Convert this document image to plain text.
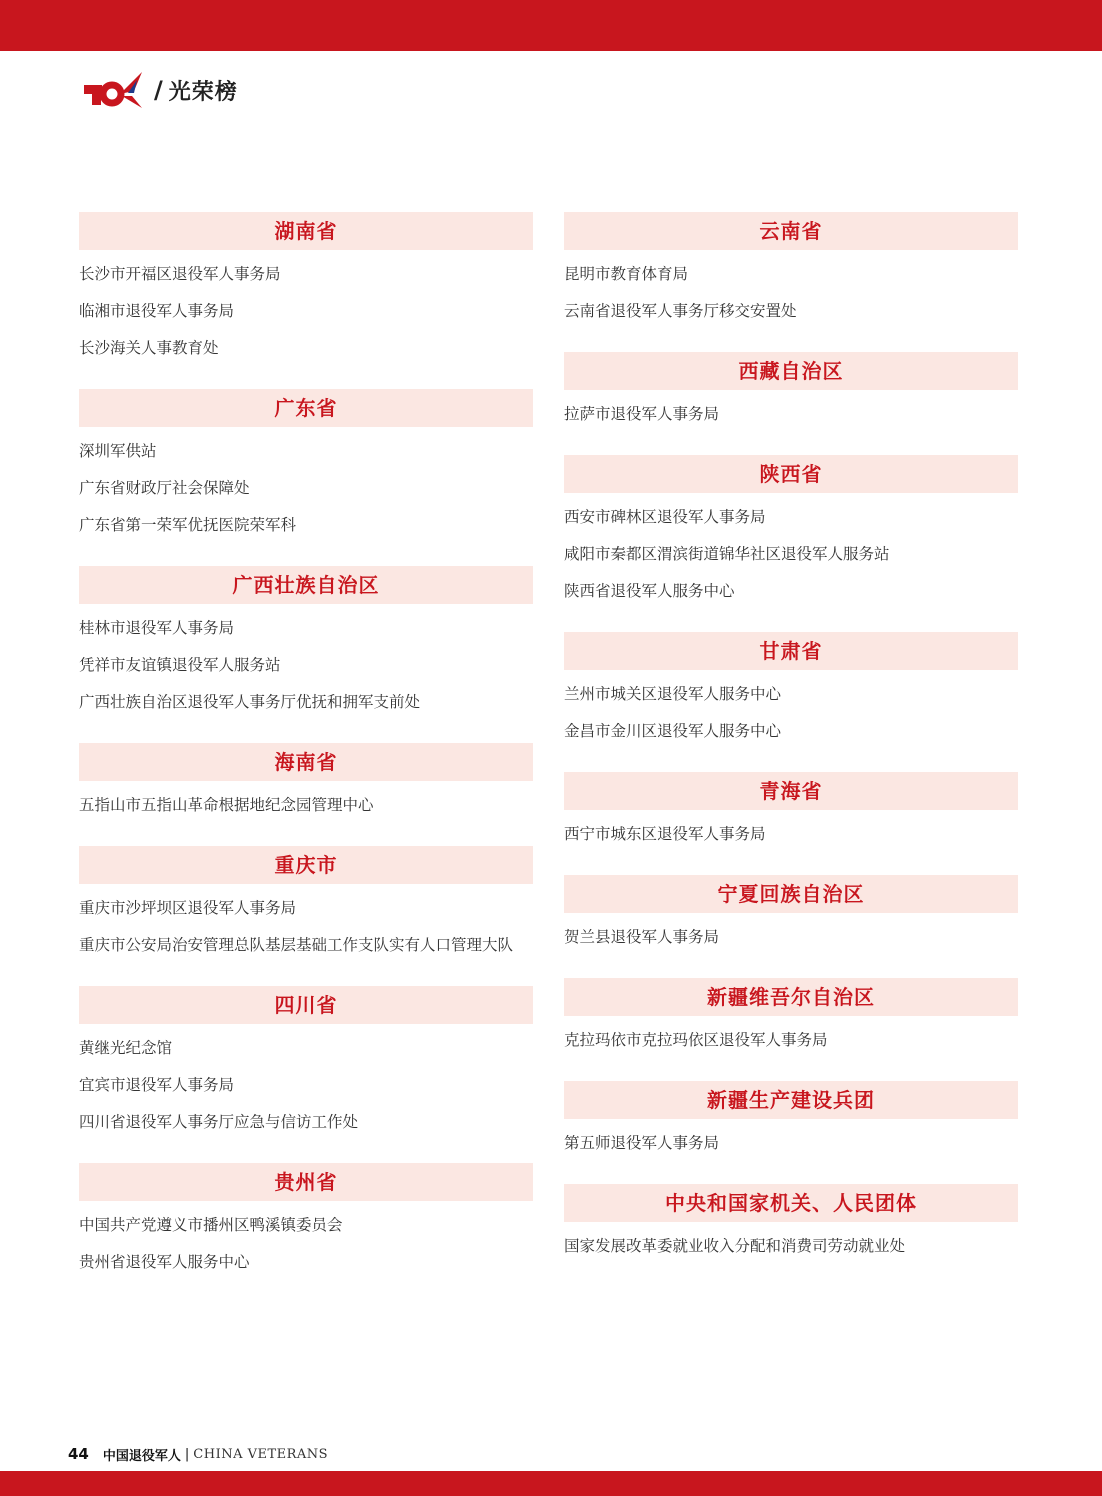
/ 光荣榜
湖南省
长沙市开福区退役军人事务局
临湘市退役军人事务局
长沙海关人事教育处
广东省
深圳军供站
广东省财政厅社会保障处
广东省第一荣军优抚医院荣军科
广西壮族自治区
桂林市退役军人事务局
凭祥市友谊镇退役军人服务站
广西壮族自治区退役军人事务厅优抚和拥军支前处
海南省
五指山市五指山革命根据地纪念园管理中心
重庆市
重庆市沙坪坝区退役军人事务局
重庆市公安局治安管理总队基层基础工作支队实有人口管理大队
四川省
黄继光纪念馆
宜宾市退役军人事务局
四川省退役军人事务厅应急与信访工作处
贵州省
中国共产党遵义市播州区鸭溪镇委员会
贵州省退役军人服务中心
云南省
昆明市教育体育局
云南省退役军人事务厅移交安置处
西藏自治区
拉萨市退役军人事务局
陕西省
西安市碑林区退役军人事务局
咸阳市秦都区渭滨街道锦华社区退役军人服务站
陕西省退役军人服务中心
甘肃省
兰州市城关区退役军人服务中心
金昌市金川区退役军人服务中心
青海省
西宁市城东区退役军人事务局
宁夏回族自治区
贺兰县退役军人事务局
新疆维吾尔自治区
克拉玛依市克拉玛依区退役军人事务局
新疆生产建设兵团
第五师退役军人事务局
中央和国家机关、人民团体
国家发展改革委就业收入分配和消费司劳动就业处
44 中国退役军人 | CHINA VETERANS
